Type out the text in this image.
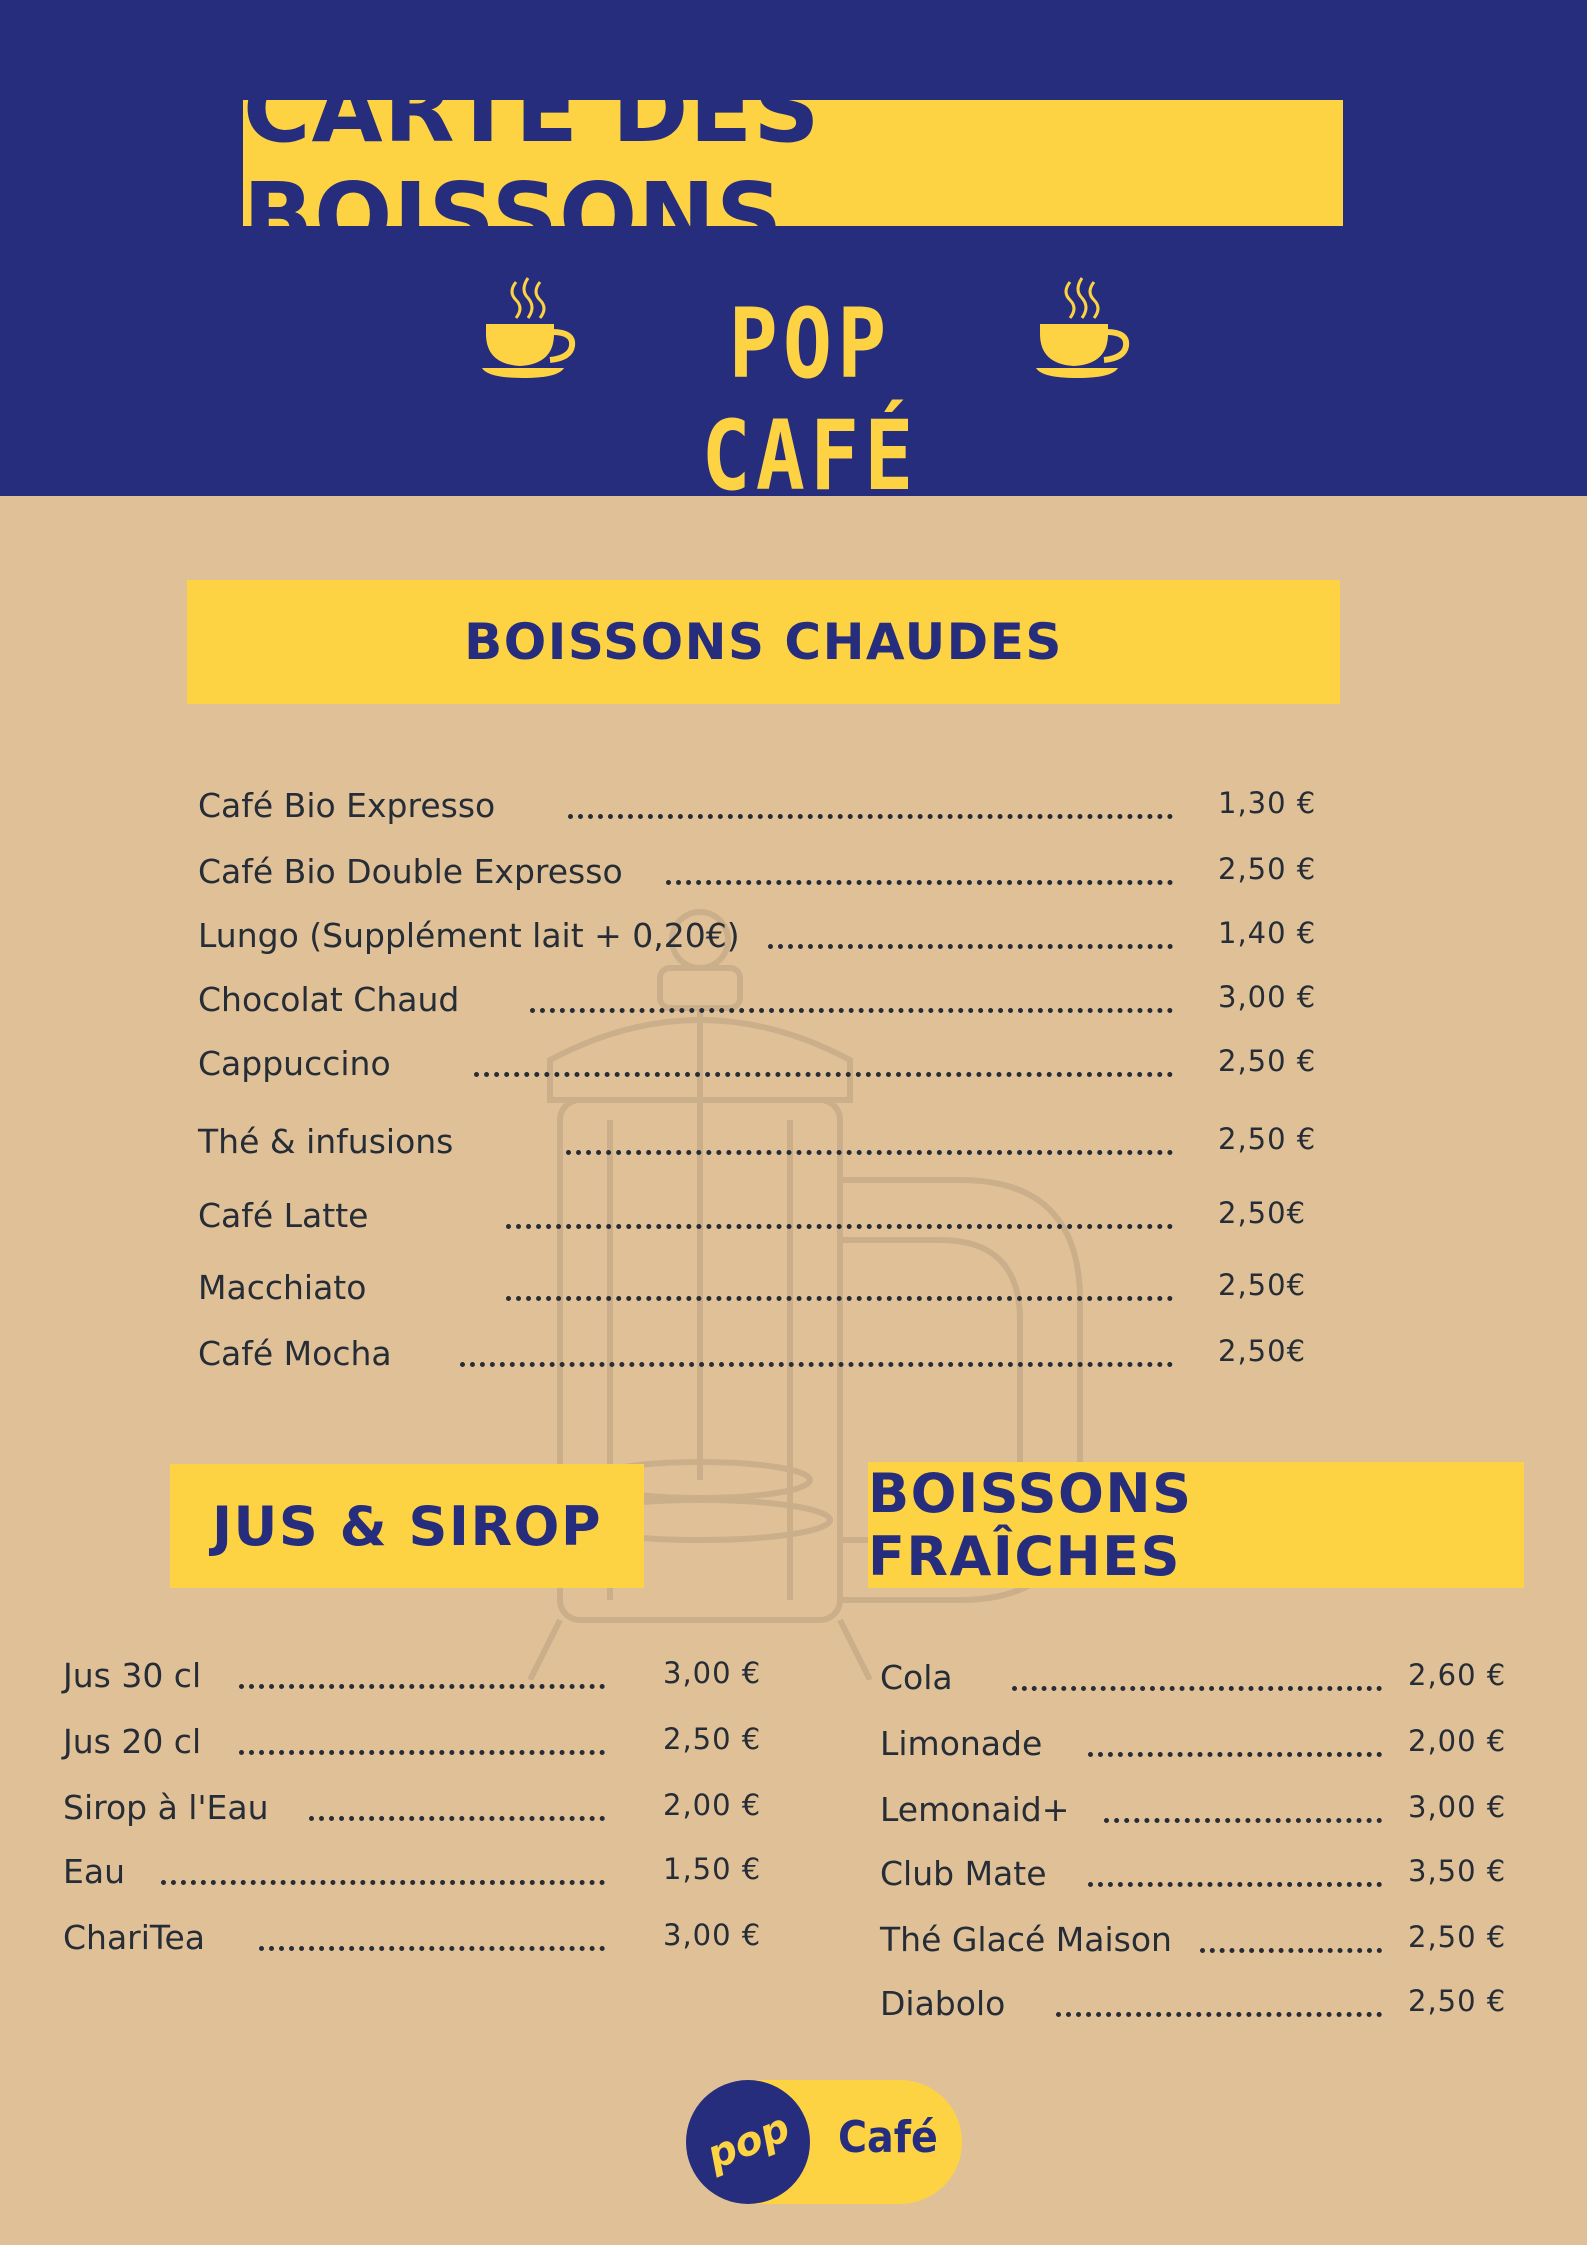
CARTE DES BOISSONS
POP CAFÉ
BOISSONS CHAUDES
Café Bio Expresso	1,30 €
Café Bio Double Expresso	2,50 €
Lungo (Supplément lait + 0,20€)	1,40 €
Chocolat Chaud	3,00 €
Cappuccino	2,50 €
Thé & infusions	2,50 €
Café Latte	2,50€
Macchiato	2,50€
Café Mocha	2,50€
JUS & SIROP
Jus 30 cl	3,00 €
Jus 20 cl	2,50 €
Sirop à l'Eau	2,00 €
Eau	1,50 €
ChariTea	3,00 €
BOISSONS FRAÎCHES
Cola	2,60 €
Limonade	2,00 €
Lemonaid+	3,00 €
Club Mate	3,50 €
Thé Glacé Maison	2,50 €
Diabolo	2,50 €
pop Café
